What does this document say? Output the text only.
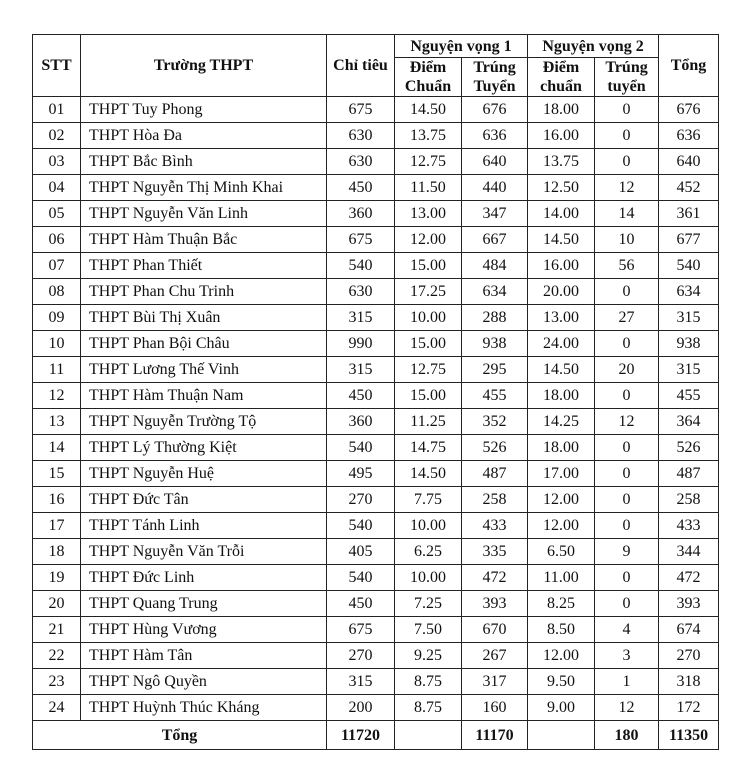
STT	Trường THPT	Chỉ tiêu	Nguyện vọng 1		Nguyện vọng 2		Tổng
			Điểm Chuẩn	Trúng Tuyển	Điểm chuẩn	Trúng tuyển	
01	THPT Tuy Phong	675	14.50	676	18.00	0	676
02	THPT Hòa Đa	630	13.75	636	16.00	0	636
03	THPT Bắc Bình	630	12.75	640	13.75	0	640
04	THPT Nguyễn Thị Minh Khai	450	11.50	440	12.50	12	452
05	THPT Nguyễn Văn Linh	360	13.00	347	14.00	14	361
06	THPT Hàm Thuận Bắc	675	12.00	667	14.50	10	677
07	THPT Phan Thiết	540	15.00	484	16.00	56	540
08	THPT Phan Chu Trinh	630	17.25	634	20.00	0	634
09	THPT Bùi Thị Xuân	315	10.00	288	13.00	27	315
10	THPT Phan Bội Châu	990	15.00	938	24.00	0	938
11	THPT Lương Thế Vinh	315	12.75	295	14.50	20	315
12	THPT Hàm Thuận Nam	450	15.00	455	18.00	0	455
13	THPT Nguyễn Trường Tộ	360	11.25	352	14.25	12	364
14	THPT Lý Thường Kiệt	540	14.75	526	18.00	0	526
15	THPT Nguyễn Huệ	495	14.50	487	17.00	0	487
16	THPT Đức Tân	270	7.75	258	12.00	0	258
17	THPT Tánh Linh	540	10.00	433	12.00	0	433
18	THPT Nguyễn Văn Trỗi	405	6.25	335	6.50	9	344
19	THPT Đức Linh	540	10.00	472	11.00	0	472
20	THPT Quang Trung	450	7.25	393	8.25	0	393
21	THPT Hùng Vương	675	7.50	670	8.50	4	674
22	THPT Hàm Tân	270	9.25	267	12.00	3	270
23	THPT Ngô Quyền	315	8.75	317	9.50	1	318
24	THPT Huỳnh Thúc Kháng	200	8.75	160	9.00	12	172
Tổng		11720		11170		180	11350
